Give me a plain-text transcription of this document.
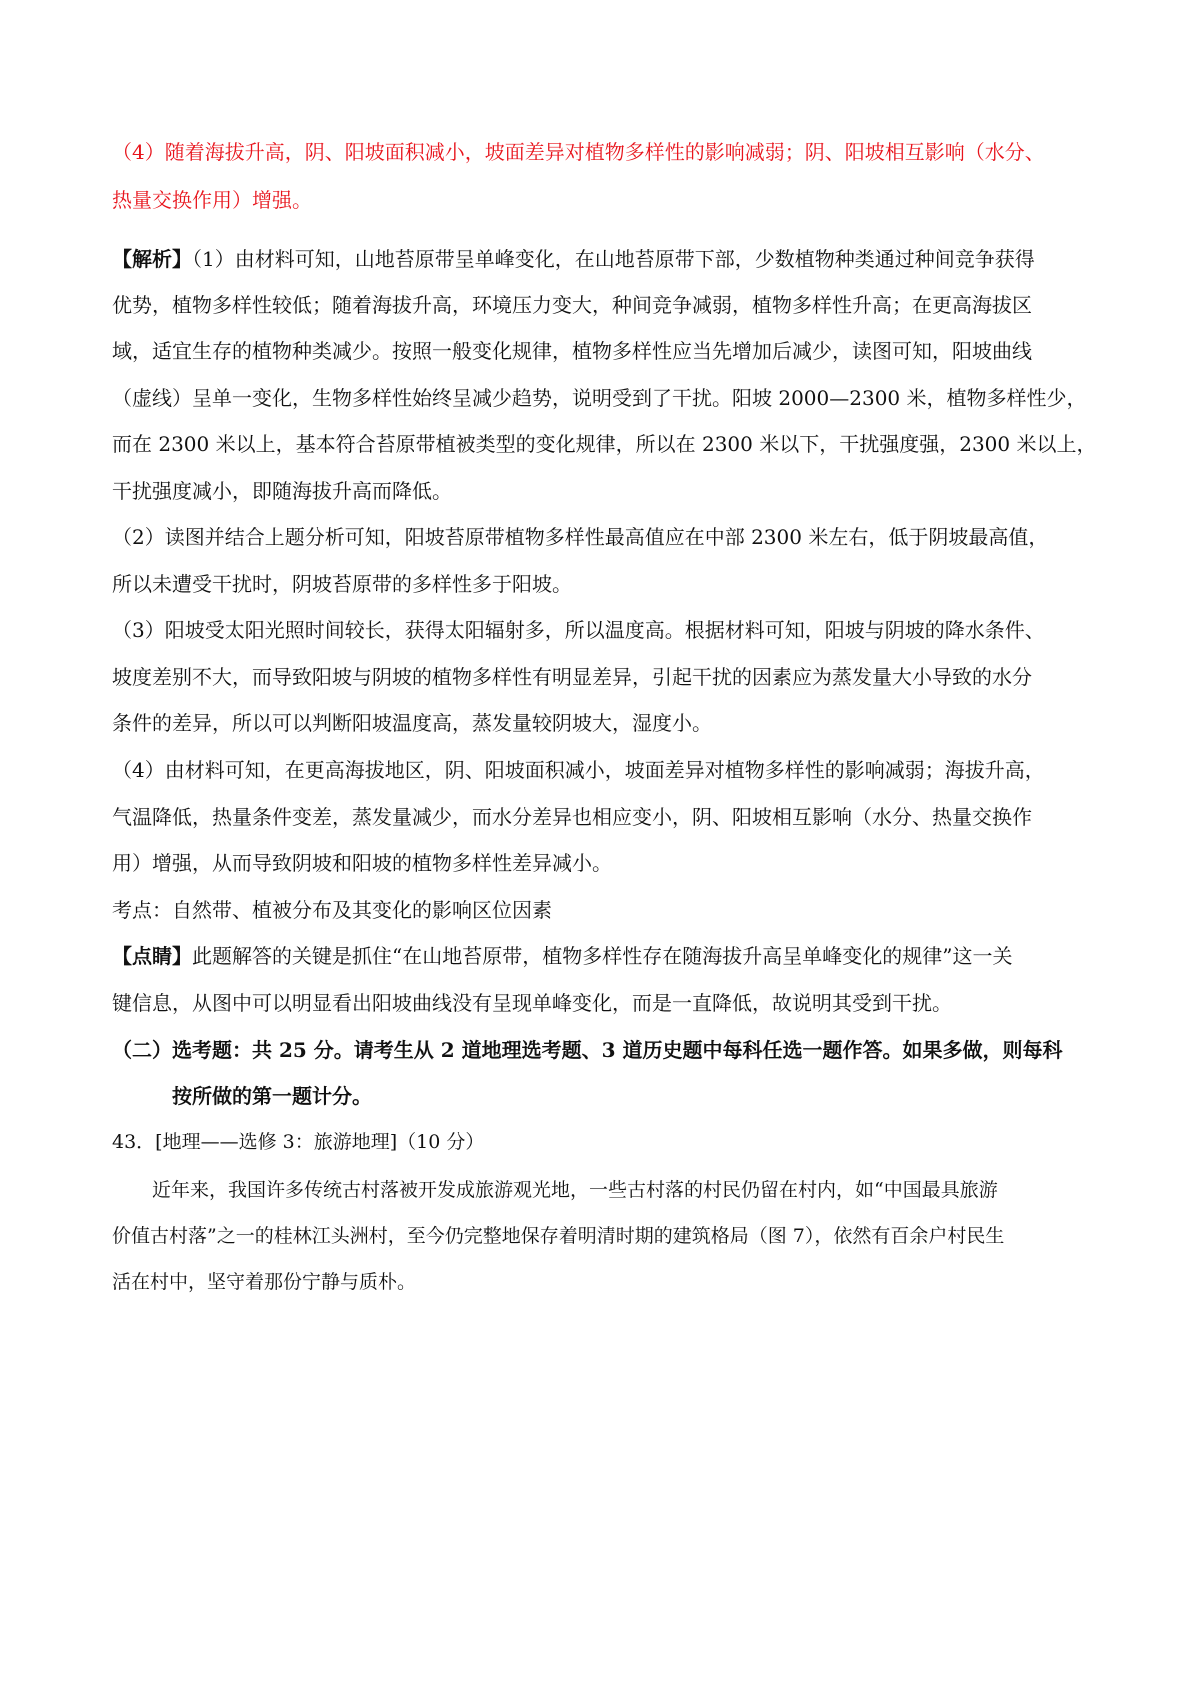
（4）随着海拔升高，阴、阳坡面积减小，坡面差异对植物多样性的影响减弱；阴、阳坡相互影响（水分、
热量交换作用）增强。
【解析】（1）由材料可知，山地苔原带呈单峰变化，在山地苔原带下部，少数植物种类通过种间竞争获得
优势，植物多样性较低；随着海拔升高，环境压力变大，种间竞争减弱，植物多样性升高；在更高海拔区
域，适宜生存的植物种类减少。按照一般变化规律，植物多样性应当先增加后减少，读图可知，阳坡曲线
（虚线）呈单一变化，生物多样性始终呈减少趋势，说明受到了干扰。阳坡 2000—2300 米，植物多样性少，
而在 2300 米以上，基本符合苔原带植被类型的变化规律，所以在 2300 米以下，干扰强度强，2300 米以上，
干扰强度减小，即随海拔升高而降低。
（2）读图并结合上题分析可知，阳坡苔原带植物多样性最高值应在中部 2300 米左右，低于阴坡最高值，
所以未遭受干扰时，阴坡苔原带的多样性多于阳坡。
（3）阳坡受太阳光照时间较长，获得太阳辐射多，所以温度高。根据材料可知，阳坡与阴坡的降水条件、
坡度差别不大，而导致阳坡与阴坡的植物多样性有明显差异，引起干扰的因素应为蒸发量大小导致的水分
条件的差异，所以可以判断阳坡温度高，蒸发量较阴坡大，湿度小。
（4）由材料可知，在更高海拔地区，阴、阳坡面积减小，坡面差异对植物多样性的影响减弱；海拔升高，
气温降低，热量条件变差，蒸发量减少，而水分差异也相应变小，阴、阳坡相互影响（水分、热量交换作
用）增强，从而导致阴坡和阳坡的植物多样性差异减小。
考点：自然带、植被分布及其变化的影响区位因素
【点睛】此题解答的关键是抓住“在山地苔原带，植物多样性存在随海拔升高呈单峰变化的规律”这一关
键信息，从图中可以明显看出阳坡曲线没有呈现单峰变化，而是一直降低，故说明其受到干扰。
（二）选考题：共 25 分。请考生从 2 道地理选考题、3 道历史题中每科任选一题作答。如果多做，则每科
按所做的第一题计分。
43．[地理——选修 3：旅游地理]（10 分）
近年来，我国许多传统古村落被开发成旅游观光地，一些古村落的村民仍留在村内，如“中国最具旅游
价值古村落”之一的桂林江头洲村，至今仍完整地保存着明清时期的建筑格局（图 7），依然有百余户村民生
活在村中，坚守着那份宁静与质朴。
